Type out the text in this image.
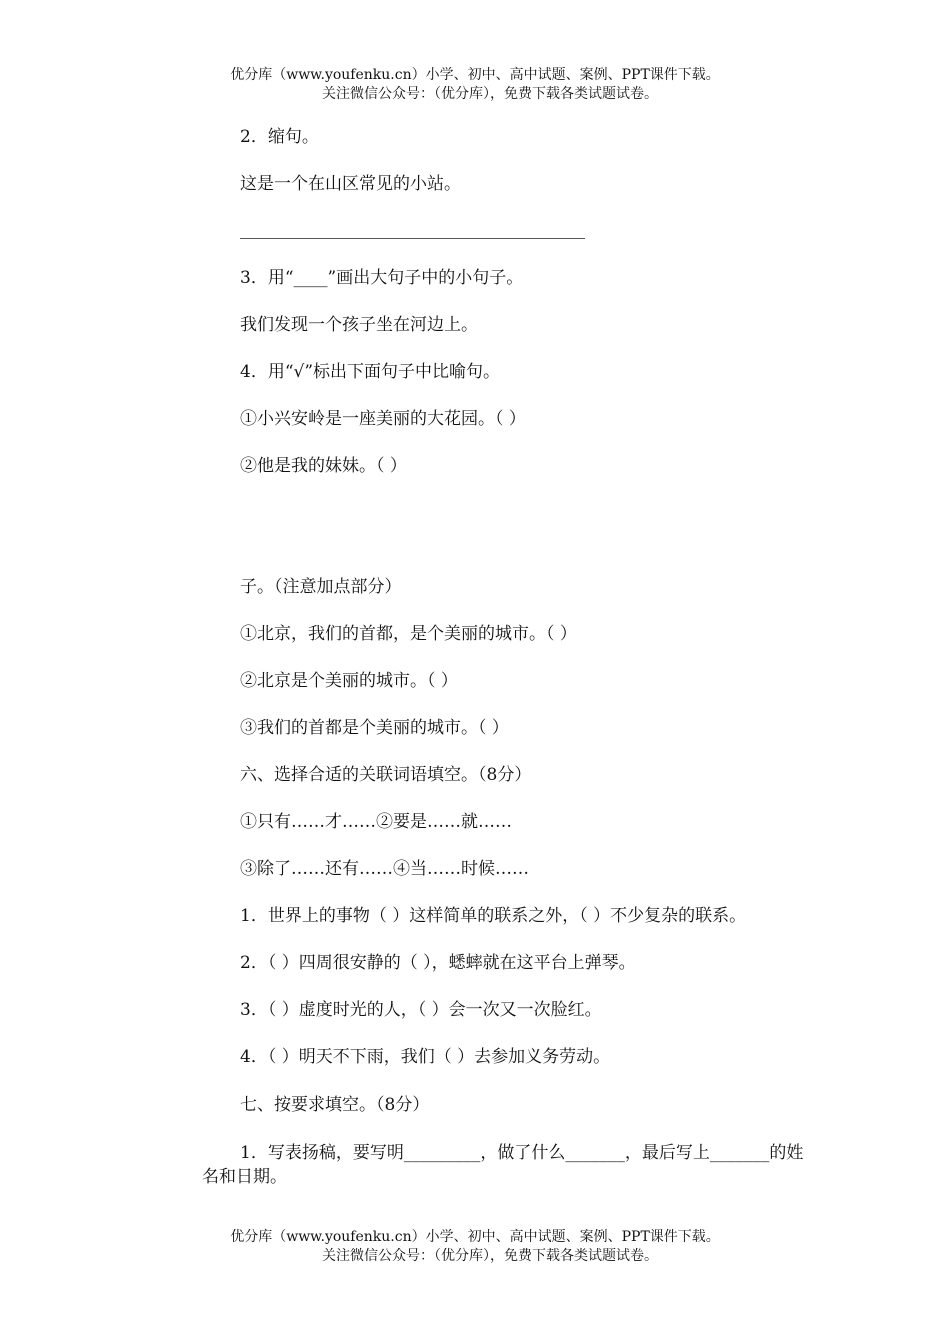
优分库（www.youfenku.cn）小学、初中、高中试题、案例、PPT课件下载。
关注微信公众号：（优分库），免费下载各类试题试卷。
2．缩句。
这是一个在山区常见的小站。
3．用“____”画出大句子中的小句子。
我们发现一个孩子坐在河边上。
4．用“√”标出下面句子中比喻句。
①小兴安岭是一座美丽的大花园。（ ）
②他是我的妹妹。（ ）
子。（注意加点部分）
①北京，我们的首都，是个美丽的城市。（ ）
②北京是个美丽的城市。（ ）
③我们的首都是个美丽的城市。（ ）
六、选择合适的关联词语填空。（8分）
①只有……才……②要是……就……
③除了……还有……④当……时候……
1．世界上的事物（ ）这样简单的联系之外，（ ）不少复杂的联系。
2．（ ）四周很安静的（ ），蟋蟀就在这平台上弹琴。
3．（ ）虚度时光的人，（ ）会一次又一次脸红。
4．（ ）明天不下雨，我们（ ）去参加义务劳动。
七、按要求填空。（8分）
1．写表扬稿，要写明_________，做了什么_______，最后写上_______的姓名和日期。
优分库（www.youfenku.cn）小学、初中、高中试题、案例、PPT课件下载。
关注微信公众号：（优分库），免费下载各类试题试卷。
